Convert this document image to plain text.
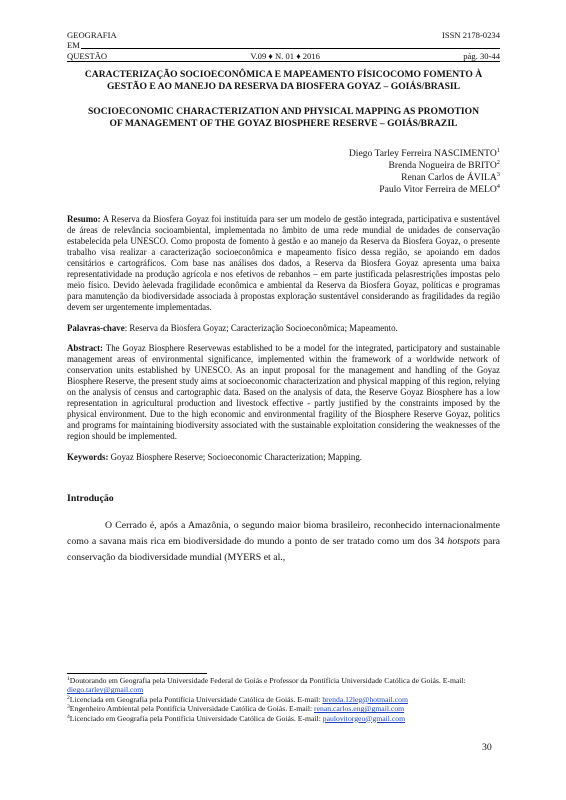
GEOGRAFIA	ISSN 2178-0234
EM
QUESTÃO	V.09 ♦ N. 01 ♦ 2016	pág. 30-44
CARACTERIZAÇÃO SOCIOECONÔMICA E MAPEAMENTO FÍSICOCOMO FOMENTO À GESTÃO E AO MANEJO DA RESERVA DA BIOSFERA GOYAZ – GOIÁS/BRASIL
SOCIOECONOMIC CHARACTERIZATION AND PHYSICAL MAPPING AS PROMOTION OF MANAGEMENT OF THE GOYAZ BIOSPHERE RESERVE – GOIÁS/BRAZIL
Diego Tarley Ferreira NASCIMENTO$^1$
Brenda Nogueira de BRITO$^2$
Renan Carlos de ÁVILA$^3$
Paulo Vitor Ferreira de MELO$^4$
Resumo: A Reserva da Biosfera Goyaz foi instituída para ser um modelo de gestão integrada, participativa e sustentável de áreas de relevância socioambiental, implementada no âmbito de uma rede mundial de unidades de conservação estabelecida pela UNESCO. Como proposta de fomento à gestão e ao manejo da Reserva da Biosfera Goyaz, o presente trabalho visa realizar a caracterização socioeconômica e mapeamento físico dessa região, se apoiando em dados censitários e cartográficos. Com base nas análises dos dados, a Reserva da Biosfera Goyaz apresenta uma baixa representatividade na produção agrícola e nos efetivos de rebanhos – em parte justificada pelasrestrições impostas pelo meio físico. Devido àelevada fragilidade econômica e ambiental da Reserva da Biosfera Goyaz, políticas e programas para manutenção da biodiversidade associada à propostas exploração sustentável considerando as fragilidades da região devem ser urgentemente implementadas.
Palavras-chave: Reserva da Biosfera Goyaz; Caracterização Socioeconômica; Mapeamento.
Abstract: The Goyaz Biosphere Reservewas established to be a model for the integrated, participatory and sustainable management areas of environmental significance, implemented within the framework of a worldwide network of conservation units established by UNESCO. As an input proposal for the management and handling of the Goyaz Biosphere Reserve, the present study aims at socioeconomic characterization and physical mapping of this region, relying on the analysis of census and cartographic data. Based on the analysis of data, the Reserve Goyaz Biosphere has a low representation in agricultural production and livestock effective - partly justified by the constraints imposed by the physical environment. Due to the high economic and environmental fragility of the Biosphere Reserve Goyaz, politics and programs for maintaining biodiversity associated with the sustainable exploitation considering the weaknesses of the region should be implemented.
Keywords: Goyaz Biosphere Reserve; Socioeconomic Characterization; Mapping.
Introdução
O Cerrado é, após a Amazônia, o segundo maior bioma brasileiro, reconhecido internacionalmente como a savana mais rica em biodiversidade do mundo a ponto de ser tratado como um dos 34 hotspots para conservação da biodiversidade mundial (MYERS et al.,
$^1$Doutorando em Geografia pela Universidade Federal de Goiás e Professor da Pontifícia Universidade Católica de Goiás. E-mail: diego.tarley@gmail.com
$^2$Licenciada em Geografia pela Pontifícia Universidade Católica de Goiás. E-mail: brenda.12leg@hotmail.com
$^3$Engenheiro Ambiental pela Pontifícia Universidade Católica de Goiás. E-mail: renan.carlos.eng@gmail.com
$^4$Licenciado em Geografia pela Pontifícia Universidade Católica de Goiás. E-mail: paulovitorgeo@gmail.com
30
